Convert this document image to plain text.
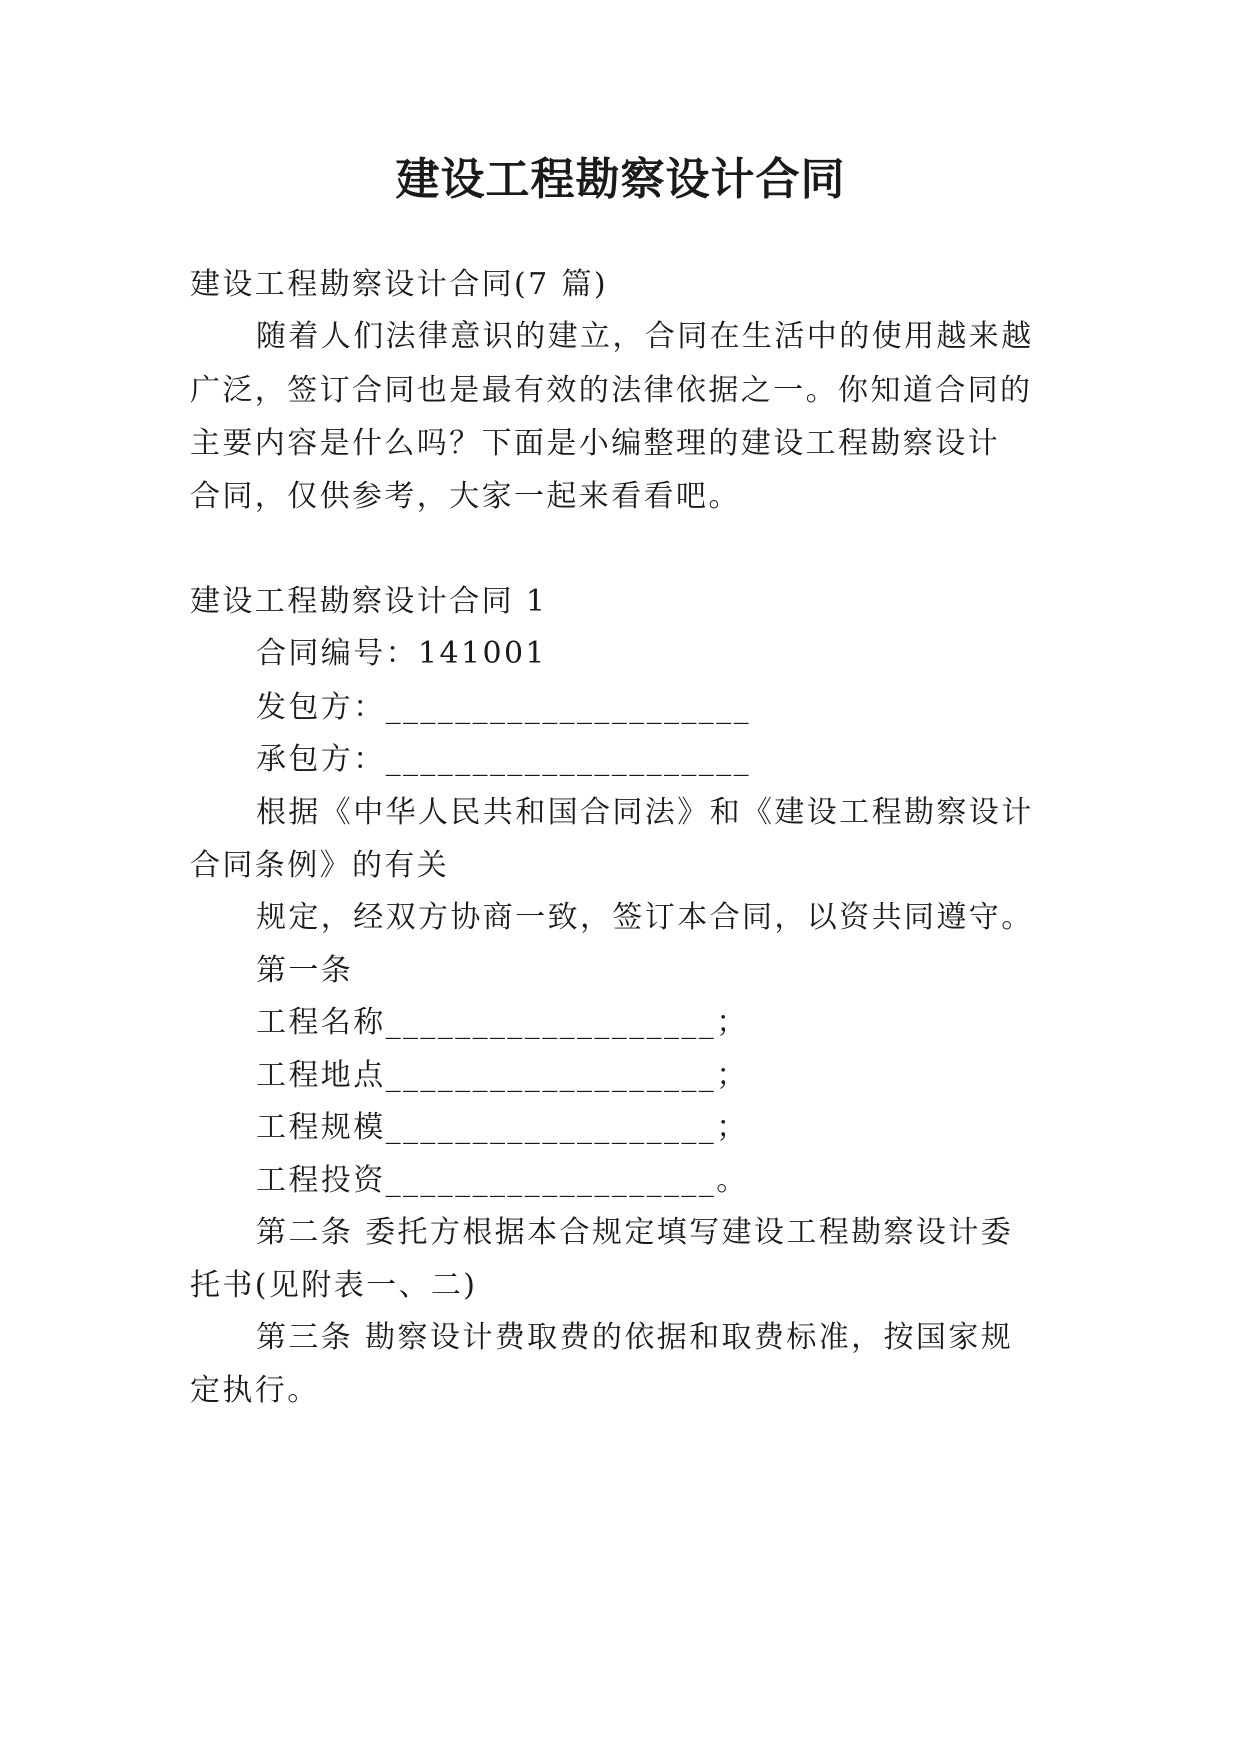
建设工程勘察设计合同
建设工程勘察设计合同(7 篇)
随着人们法律意识的建立，合同在生活中的使用越来越
广泛，签订合同也是最有效的法律依据之一。你知道合同的
主要内容是什么吗？下面是小编整理的建设工程勘察设计
合同，仅供参考，大家一起来看看吧。
建设工程勘察设计合同 1
合同编号：141001
发包方：_____________________
承包方：_____________________
根据《中华人民共和国合同法》和《建设工程勘察设计
合同条例》的有关
规定，经双方协商一致，签订本合同，以资共同遵守。
第一条
工程名称___________________；
工程地点___________________；
工程规模___________________；
工程投资___________________。
第二条 委托方根据本合规定填写建设工程勘察设计委
托书(见附表一、二)
第三条 勘察设计费取费的依据和取费标准，按国家规
定执行。
